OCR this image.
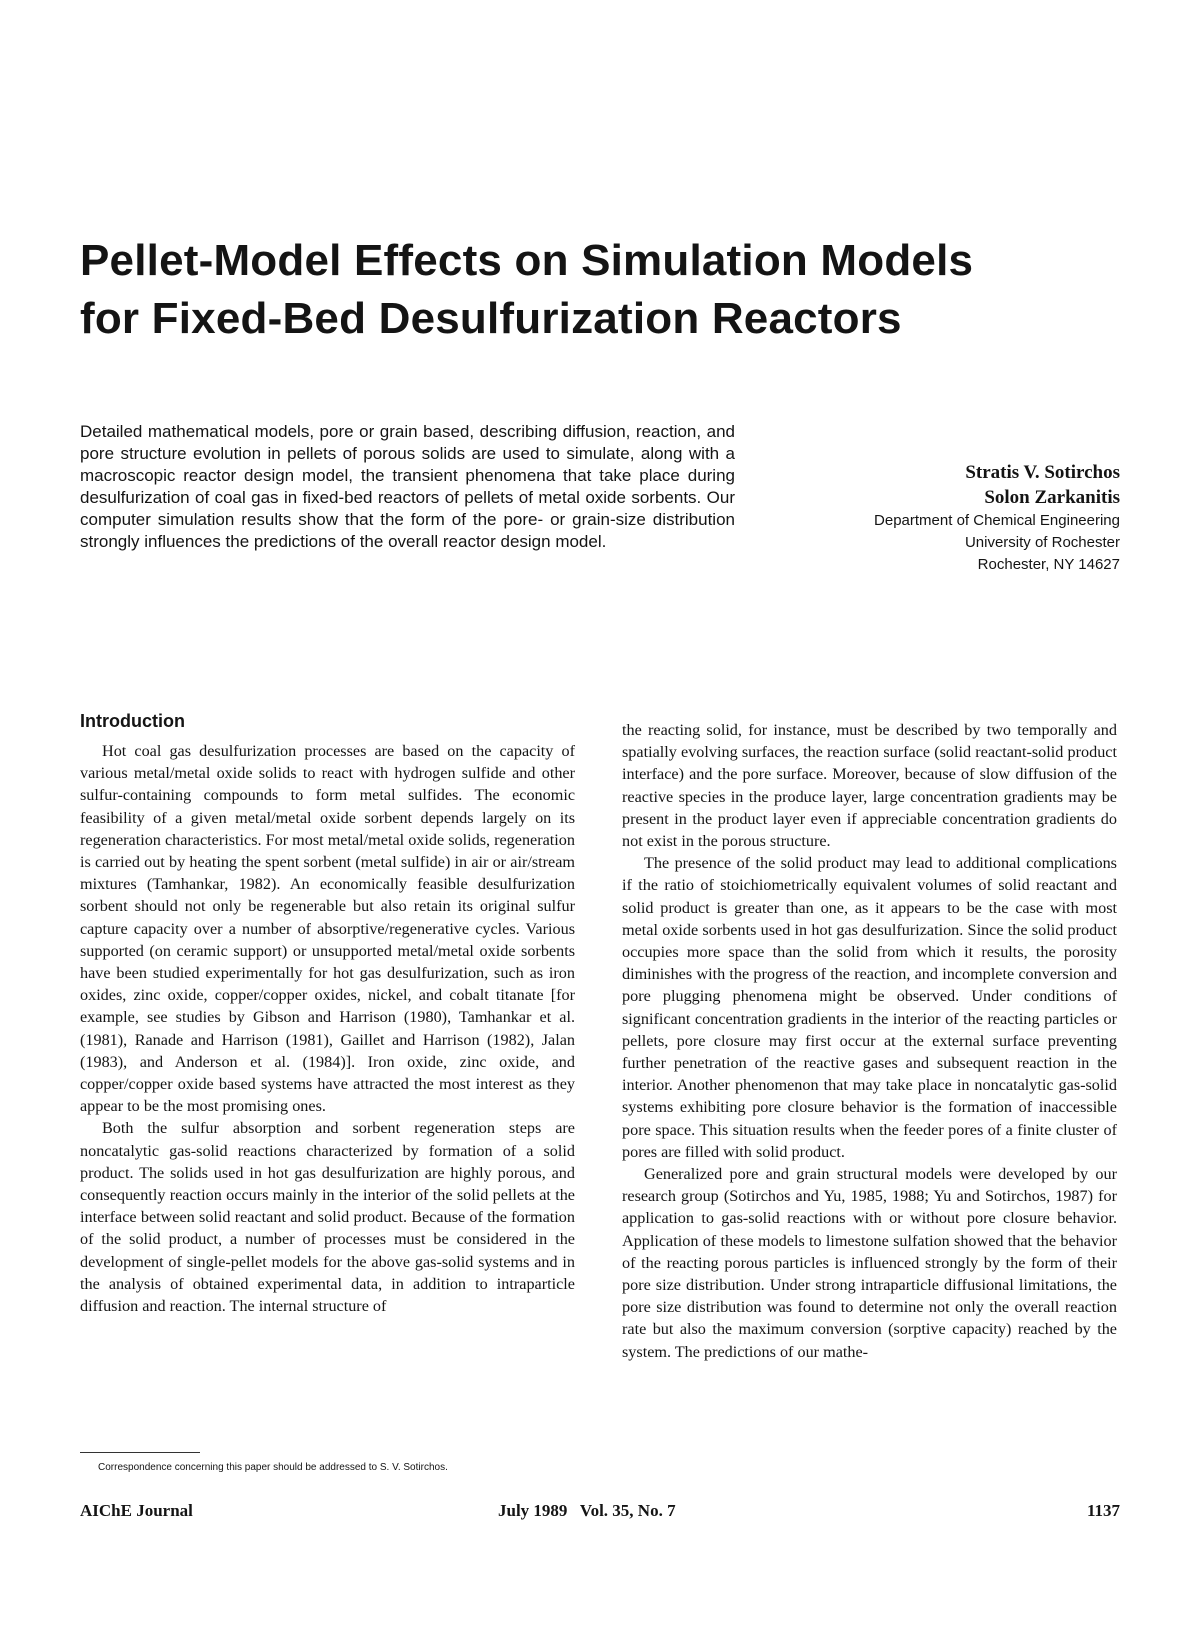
Pellet-Model Effects on Simulation Models
for Fixed-Bed Desulfurization Reactors

Detailed mathematical models, pore or grain based, describing diffusion, reaction, and pore structure evolution in pellets of porous solids are used to simulate, along with a macroscopic reactor design model, the transient phenomena that take place during desulfurization of coal gas in fixed-bed reactors of pellets of metal oxide sorbents. Our computer simulation results show that the form of the pore- or grain-size distribution strongly influences the predictions of the overall reactor design model.

Stratis V. Sotirchos
Solon Zarkanitis
Department of Chemical Engineering
University of Rochester
Rochester, NY 14627
Introduction

Hot coal gas desulfurization processes are based on the capacity of various metal/metal oxide solids to react with hydrogen sulfide and other sulfur-containing compounds to form metal sulfides. The economic feasibility of a given metal/metal oxide sorbent depends largely on its regeneration characteristics. For most metal/metal oxide solids, regeneration is carried out by heating the spent sorbent (metal sulfide) in air or air/stream mixtures (Tamhankar, 1982). An economically feasible desulfurization sorbent should not only be regenerable but also retain its original sulfur capture capacity over a number of absorptive/regenerative cycles. Various supported (on ceramic support) or unsupported metal/metal oxide sorbents have been studied experimentally for hot gas desulfurization, such as iron oxides, zinc oxide, copper/copper oxides, nickel, and cobalt titanate [for example, see studies by Gibson and Harrison (1980), Tamhankar et al. (1981), Ranade and Harrison (1981), Gaillet and Harrison (1982), Jalan (1983), and Anderson et al. (1984)]. Iron oxide, zinc oxide, and copper/copper oxide based systems have attracted the most interest as they appear to be the most promising ones.

Both the sulfur absorption and sorbent regeneration steps are noncatalytic gas-solid reactions characterized by formation of a solid product. The solids used in hot gas desulfurization are highly porous, and consequently reaction occurs mainly in the interior of the solid pellets at the interface between solid reactant and solid product. Because of the formation of the solid product, a number of processes must be considered in the development of single-pellet models for the above gas-solid systems and in the analysis of obtained experimental data, in addition to intraparticle diffusion and reaction. The internal structure of

the reacting solid, for instance, must be described by two temporally and spatially evolving surfaces, the reaction surface (solid reactant-solid product interface) and the pore surface. Moreover, because of slow diffusion of the reactive species in the produce layer, large concentration gradients may be present in the product layer even if appreciable concentration gradients do not exist in the porous structure.

The presence of the solid product may lead to additional complications if the ratio of stoichiometrically equivalent volumes of solid reactant and solid product is greater than one, as it appears to be the case with most metal oxide sorbents used in hot gas desulfurization. Since the solid product occupies more space than the solid from which it results, the porosity diminishes with the progress of the reaction, and incomplete conversion and pore plugging phenomena might be observed. Under conditions of significant concentration gradients in the interior of the reacting particles or pellets, pore closure may first occur at the external surface preventing further penetration of the reactive gases and subsequent reaction in the interior. Another phenomenon that may take place in noncatalytic gas-solid systems exhibiting pore closure behavior is the formation of inaccessible pore space. This situation results when the feeder pores of a finite cluster of pores are filled with solid product.

Generalized pore and grain structural models were developed by our research group (Sotirchos and Yu, 1985, 1988; Yu and Sotirchos, 1987) for application to gas-solid reactions with or without pore closure behavior. Application of these models to limestone sulfation showed that the behavior of the reacting porous particles is influenced strongly by the form of their pore size distribution. Under strong intraparticle diffusional limitations, the pore size distribution was found to determine not only the overall reaction rate but also the maximum conversion (sorptive capacity) reached by the system. The predictions of our mathe-

Correspondence concerning this paper should be addressed to S. V. Sotirchos.
AIChE Journal	July 1989   Vol. 35, No. 7	1137
